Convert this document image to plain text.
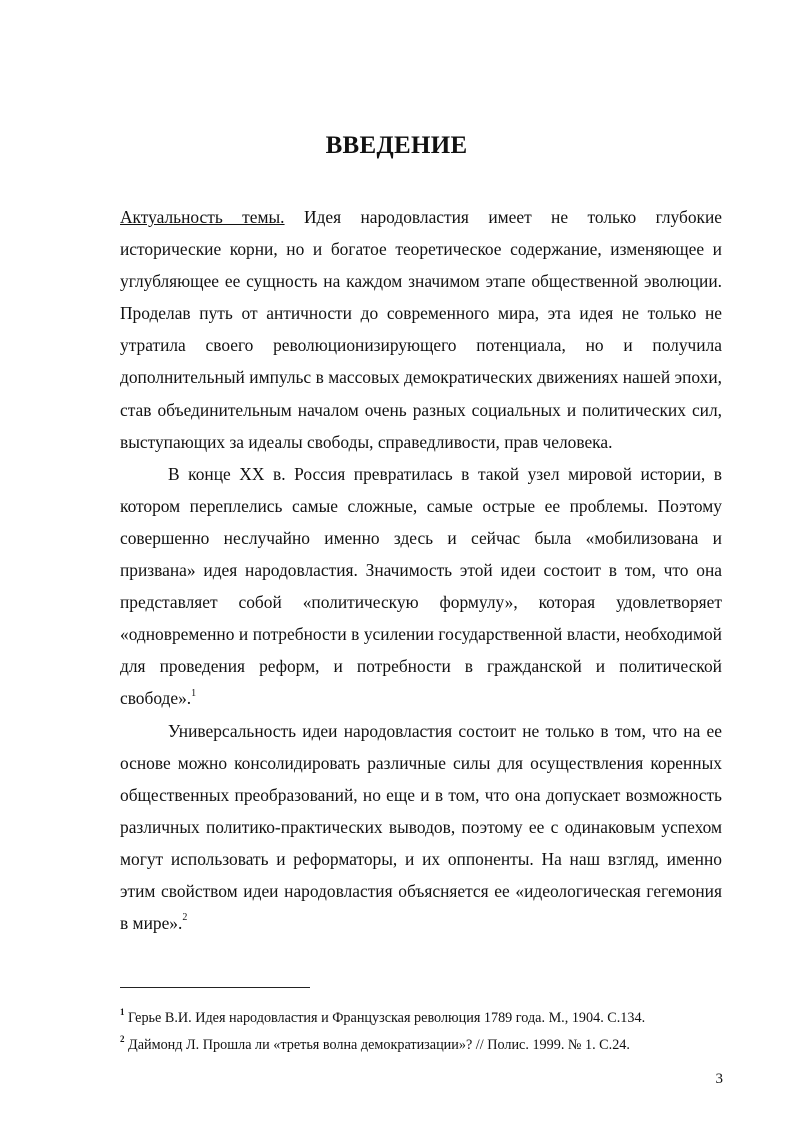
ВВЕДЕНИЕ

Актуальность темы. Идея народовластия имеет не только глубокие исторические корни, но и богатое теоретическое содержание, изменяющее и углубляющее ее сущность на каждом значимом этапе общественной эволюции. Проделав путь от античности до современного мира, эта идея не только не утратила своего революционизирующего потенциала, но и получила дополнительный импульс в массовых демократических движениях нашей эпохи, став объединительным началом очень разных социальных и политических сил, выступающих за идеалы свободы, справедливости, прав человека.

В конце XX в. Россия превратилась в такой узел мировой истории, в котором переплелись самые сложные, самые острые ее проблемы. Поэтому совершенно неслучайно именно здесь и сейчас была «мобилизована и призвана» идея народовластия. Значимость этой идеи состоит в том, что она представляет собой «политическую формулу», которая удовлетворяет «одновременно и потребности в усилении государственной власти, необходимой для проведения реформ, и потребности в гражданской и политической свободе».$^1$

Универсальность идеи народовластия состоит не только в том, что на ее основе можно консолидировать различные силы для осуществления коренных общественных преобразований, но еще и в том, что она допускает возможность различных политико-практических выводов, поэтому ее с одинаковым успехом могут использовать и реформаторы, и их оппоненты. На наш взгляд, именно этим свойством идеи народовластия объясняется ее «идеологическая гегемония в мире».$^2$

$^1$ Герье В.И. Идея народовластия и Французская революция 1789 года. М., 1904. С.134.
$^2$ Даймонд Л. Прошла ли «третья волна демократизации»? // Полис. 1999. № 1. С.24.
3
